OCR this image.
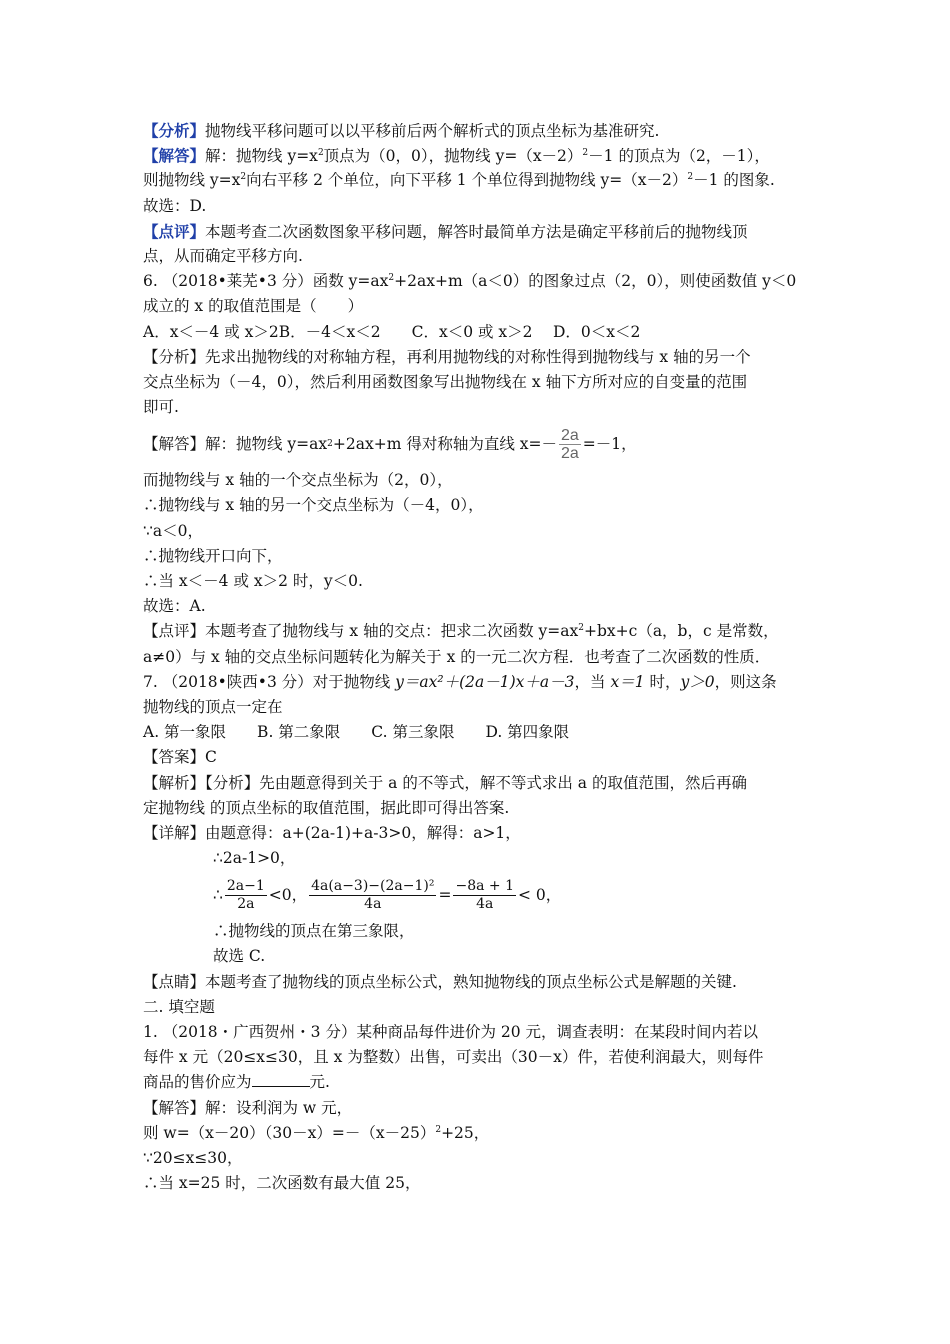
【分析】抛物线平移问题可以以平移前后两个解析式的顶点坐标为基准研究.
【解答】解：抛物线 $y=x^2$顶点为（0，0），抛物线 $y=(x-2)^2-1$ 的顶点为（2，－1），
则抛物线 $y=x^2$向右平移 2 个单位，向下平移 1 个单位得到抛物线 $y=(x-2)^2-1$ 的图象.
故选：D.
【点评】本题考查二次函数图象平移问题，解答时最简单方法是确定平移前后的抛物线顶
点，从而确定平移方向.
6. （2018•莱芜•3 分）函数 $y=ax^2+2ax+m(a<0)$的图象过点（2，0），则使函数值 y＜0
成立的 x 的取值范围是（　　）
A．x＜－4 或 x＞2B．－4＜x＜2　　C．x＜0 或 x＞2　 D．0＜x＜2
【分析】先求出抛物线的对称轴方程，再利用抛物线的对称性得到抛物线与 x 轴的另一个
交点坐标为（－4，0），然后利用函数图象写出抛物线在 x 轴下方所对应的自变量的范围
即可.
【解答】解：抛物线 y=ax 2 +2ax+m 得对称轴为直线 $x=- \frac{2a}{2a} =-1$，
而抛物线与 x 轴的一个交点坐标为（2，0），
∴抛物线与 x 轴的另一个交点坐标为（－4，0），
∵a＜0，
∴抛物线开口向下，
∴当 x＜－4 或 x＞2 时，y＜0.
故选：A.
【点评】本题考查了抛物线与 x 轴的交点：把求二次函数 $y=ax^2+bx+c(a$，b，c 是常数，
a≠0）与 x 轴的交点坐标问题转化为解关于 x 的一元二次方程．也考查了二次函数的性质．
7. （2018•陕西•3 分）对于抛物线 y＝ax²＋(2a－1)x＋a－3，当 x＝1 时，y＞0，则这条
抛物线的顶点一定在
A. 第一象限　　B. 第二象限　　C. 第三象限　　D. 第四象限
【答案】C
【解析】【分析】先由题意得到关于 a 的不等式，解不等式求出 a 的取值范围，然后再确
定抛物线 的顶点坐标的取值范围，据此即可得出答案.
【详解】由题意得：a+(2a-1)+a-3>0，解得：a>1，
∴2a-1>0，
∴ $\frac{2a-1}{2a} <0$， $\frac{\text{4a(a−3)−(2a−1)²}}{4a} = \frac{-8a + 1}{4a} < 0$，
∴抛物线的顶点在第三象限，
故选 C.
【点睛】本题考查了抛物线的顶点坐标公式，熟知抛物线的顶点坐标公式是解题的关键.
二. 填空题
1. （2018・广西贺州・3 分）某种商品每件进价为 20 元，调查表明：在某段时间内若以
每件 x 元（20≤x≤30，且 x 为整数）出售，可卖出（30－x）件，若使利润最大，则每件
商品的售价应为	元.
【解答】解：设利润为 w 元，
则 $w=(x-20)(30-x)=-(x-25)^2+25$，
∵20≤x≤30，
∴当 x=25 时，二次函数有最大值 25，
